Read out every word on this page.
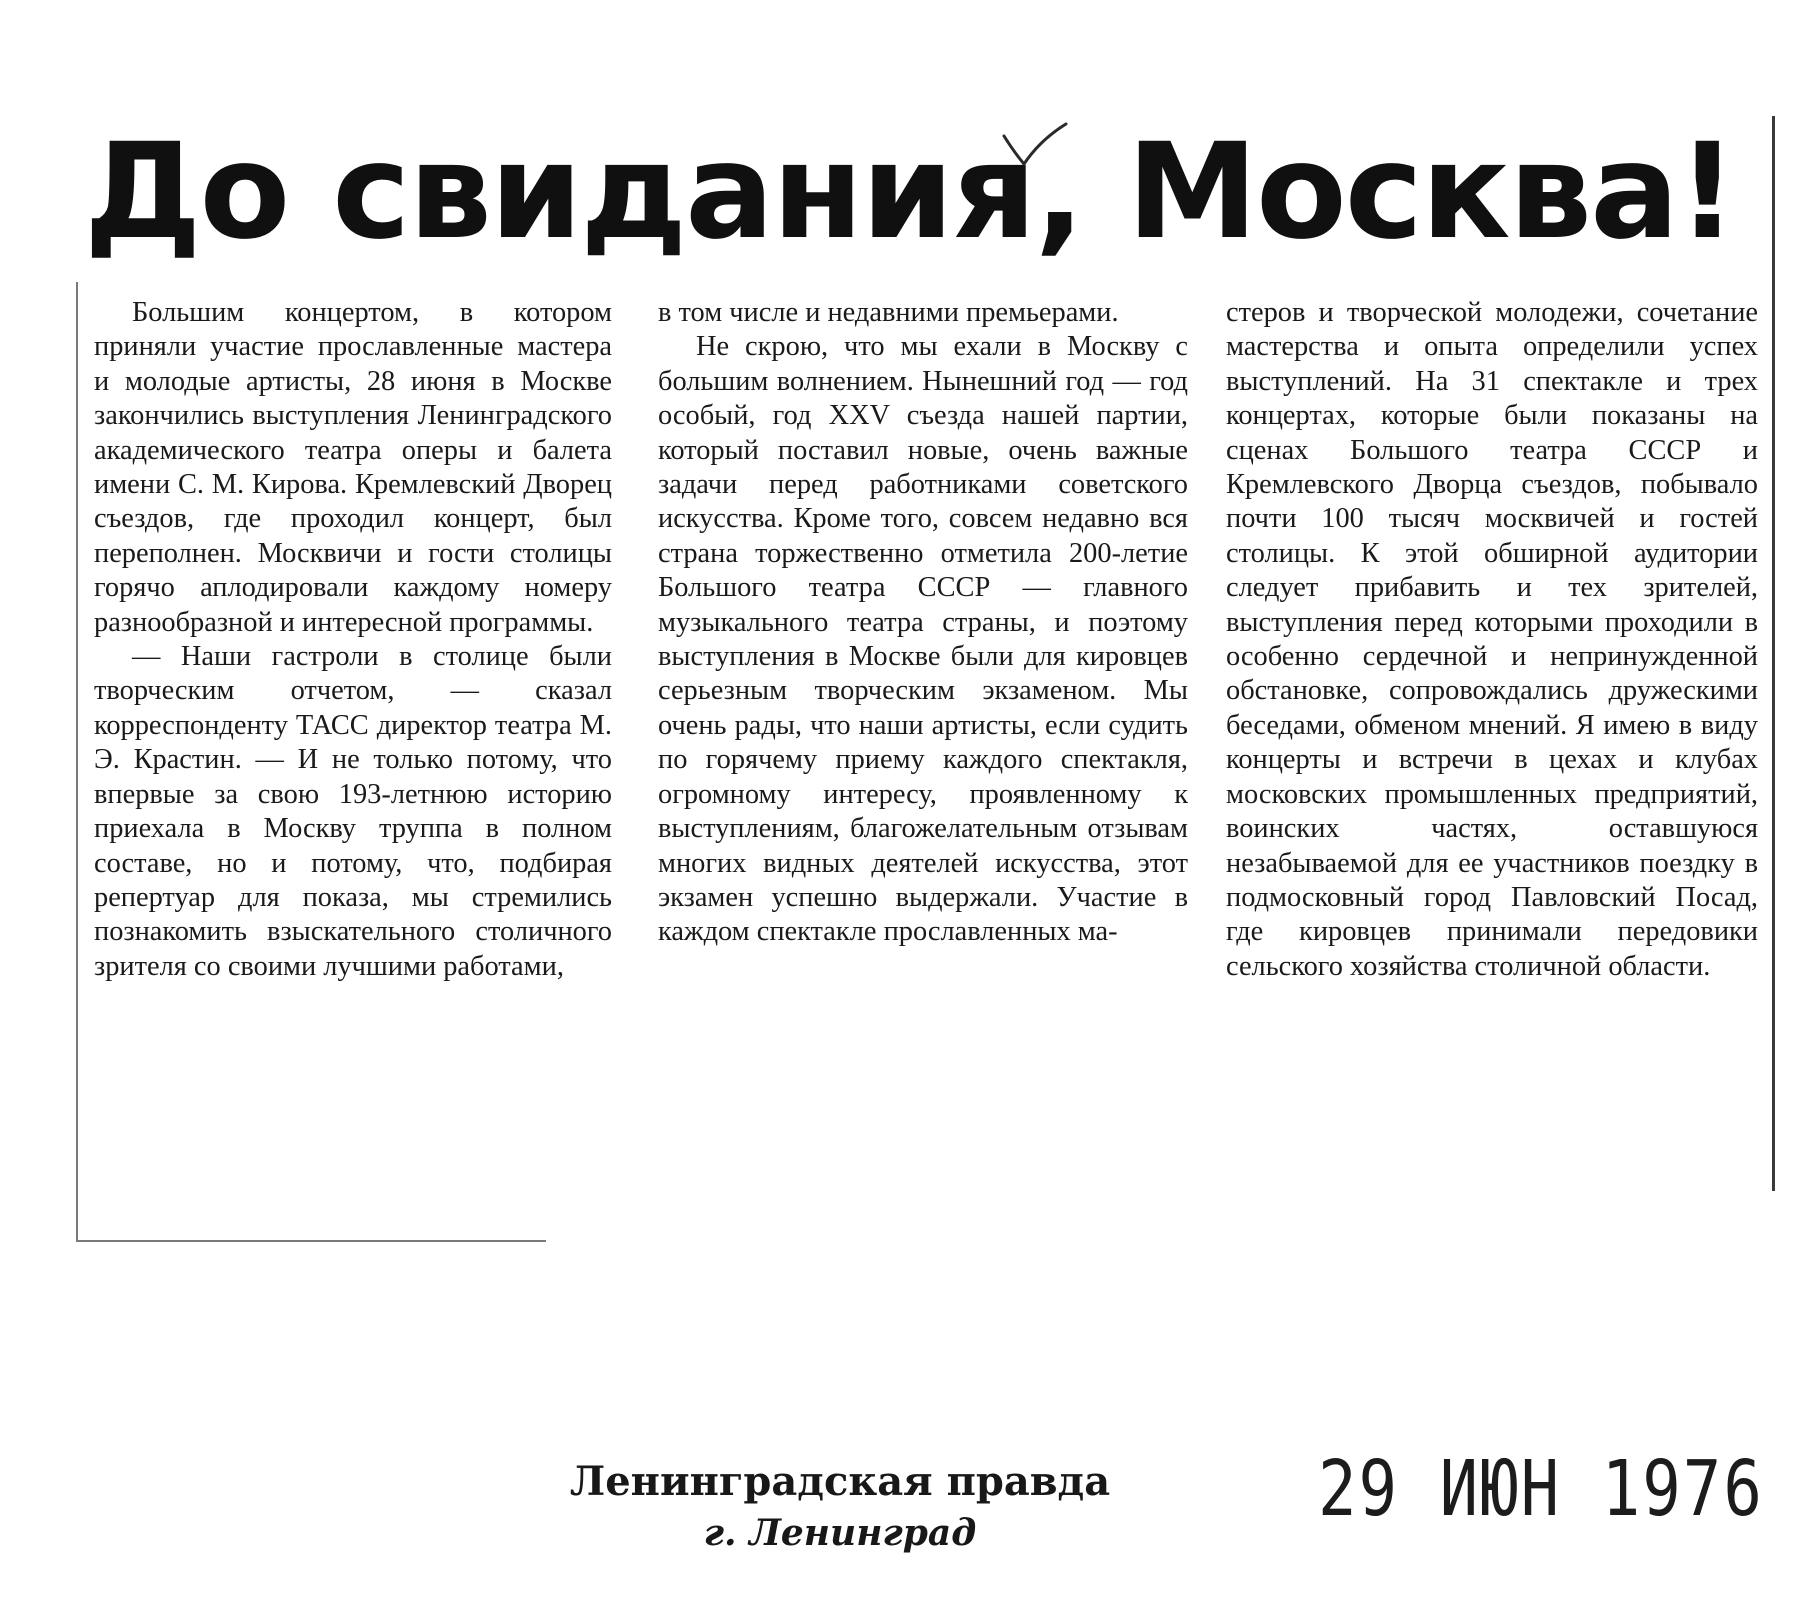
До свидания, Москва!

Большим концертом, в котором приняли участие прославленные мастера и молодые артисты, 28 июня в Москве закончились выступления Ленинградского академического театра оперы и балета имени С. М. Кирова. Кремлевский Дворец съездов, где проходил концерт, был переполнен. Москвичи и гости столицы горячо аплодировали каждому номеру разнообразной и интересной программы.

— Наши гастроли в столице были творческим отчетом, — сказал корреспонденту ТАСС директор театра М. Э. Крастин. — И не только потому, что впервые за свою 193-летнюю историю приехала в Москву труппа в полном составе, но и потому, что, подбирая репертуар для показа, мы стремились познакомить взыскательного столичного зрителя со своими лучшими работами,

в том числе и недавними премьерами.

Не скрою, что мы ехали в Москву с большим волнением. Нынешний год — год особый, год XXV съезда нашей партии, который поставил новые, очень важные задачи перед работниками советского искусства. Кроме того, совсем недавно вся страна торжественно отметила 200-летие Большого театра СССР — главного музыкального театра страны, и поэтому выступления в Москве были для кировцев серьезным творческим экзаменом. Мы очень рады, что наши артисты, если судить по горячему приему каждого спектакля, огромному интересу, проявленному к выступлениям, благожелательным отзывам многих видных деятелей искусства, этот экзамен успешно выдержали. Участие в каждом спектакле прославленных ма-

стеров и творческой молодежи, сочетание мастерства и опыта определили успех выступлений. На 31 спектакле и трех концертах, которые были показаны на сценах Большого театра СССР и Кремлевского Дворца съездов, побывало почти 100 тысяч москвичей и гостей столицы. К этой обширной аудитории следует прибавить и тех зрителей, выступления перед которыми проходили в особенно сердечной и непринужденной обстановке, сопровождались дружескими беседами, обменом мнений. Я имею в виду концерты и встречи в цехах и клубах московских промышленных предприятий, воинских частях, оставшуюся незабываемой для ее участников поездку в подмосковный город Павловский Посад, где кировцев принимали передовики сельского хозяйства столичной области.

Ленинградская правда
г. Ленинград	29 ИЮН 1976
